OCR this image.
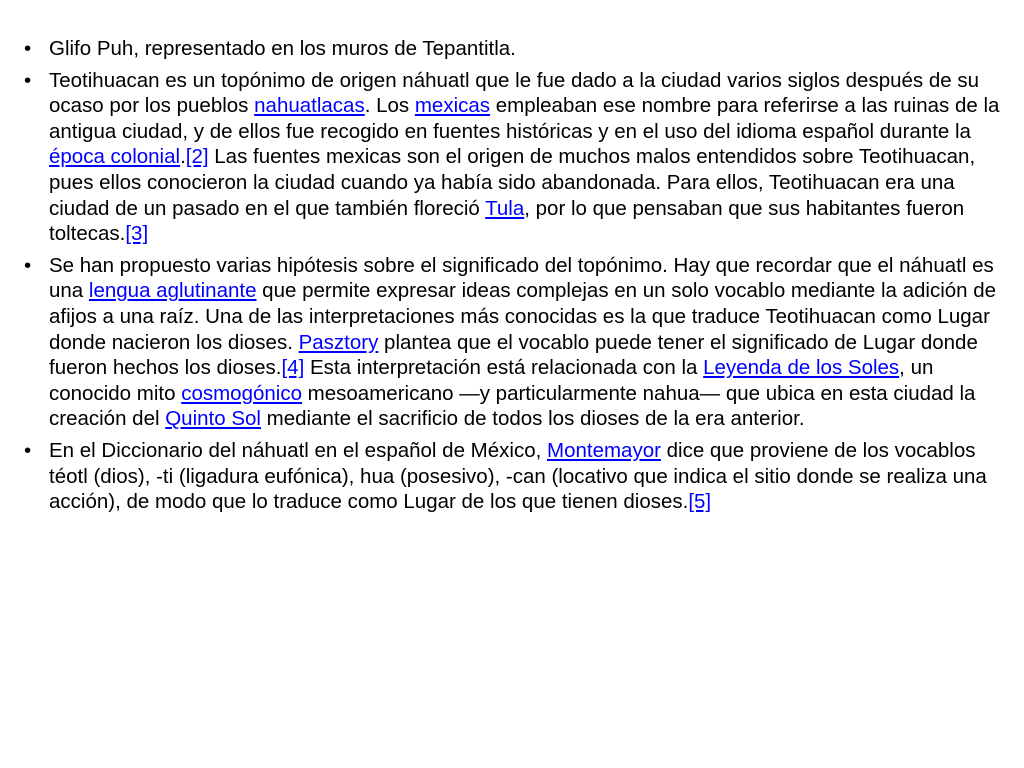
• Glifo Puh, representado en los muros de Tepantitla.
• Teotihuacan es un topónimo de origen náhuatl que le fue dado a la ciudad varios siglos después de su ocaso por los pueblos nahuatlacas. Los mexicas empleaban ese nombre para referirse a las ruinas de la antigua ciudad, y de ellos fue recogido en fuentes históricas y en el uso del idioma español durante la época colonial.[2] Las fuentes mexicas son el origen de muchos malos entendidos sobre Teotihuacan, pues ellos conocieron la ciudad cuando ya había sido abandonada. Para ellos, Teotihuacan era una ciudad de un pasado en el que también floreció Tula, por lo que pensaban que sus habitantes fueron toltecas.[3]
• Se han propuesto varias hipótesis sobre el significado del topónimo. Hay que recordar que el náhuatl es una lengua aglutinante que permite expresar ideas complejas en un solo vocablo mediante la adición de afijos a una raíz. Una de las interpretaciones más conocidas es la que traduce Teotihuacan como Lugar donde nacieron los dioses. Pasztory plantea que el vocablo puede tener el significado de Lugar donde fueron hechos los dioses.[4] Esta interpretación está relacionada con la Leyenda de los Soles, un conocido mito cosmogónico mesoamericano —y particularmente nahua— que ubica en esta ciudad la creación del Quinto Sol mediante el sacrificio de todos los dioses de la era anterior.
• En el Diccionario del náhuatl en el español de México, Montemayor dice que proviene de los vocablos téotl (dios), -ti (ligadura eufónica), hua (posesivo), -can (locativo que indica el sitio donde se realiza una acción), de modo que lo traduce como Lugar de los que tienen dioses.[5]
